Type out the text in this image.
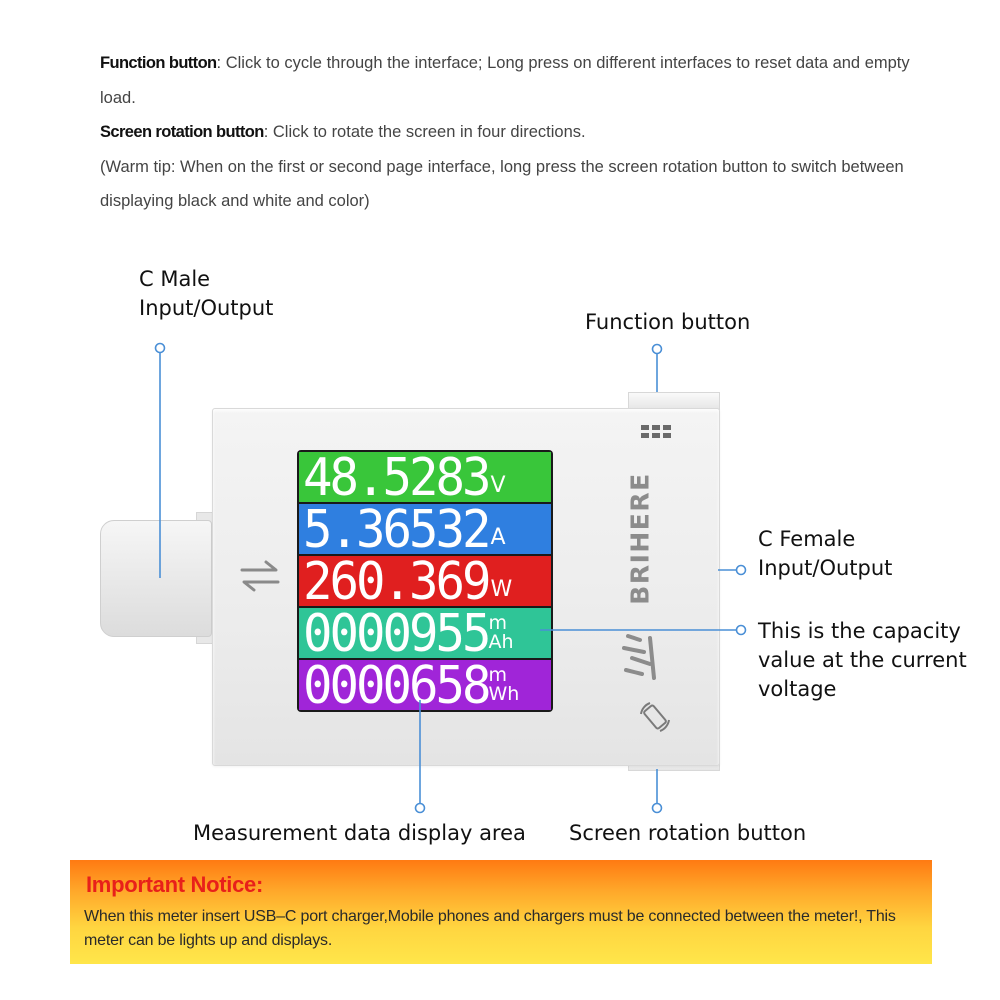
Function button: Click to cycle through the interface; Long press on different interfaces to reset data and empty load.

Screen rotation button: Click to rotate the screen in four directions.

(Warm tip: When on the first or second page interface, long press the screen rotation button to switch between displaying black and white and color)

BRIHERE
48.5283 V
5.36532 A
260.369 W
0000955 m
Ah
0000658 m
Wh
C Male
Input/Output
Function button
C Female
Input/Output
This is the capacity
value at the current
voltage
Measurement data display area Screen rotation button
Important Notice:
When this meter insert USB–C port charger,Mobile phones and chargers must be connected between the meter!, This meter can be lights up and displays.
